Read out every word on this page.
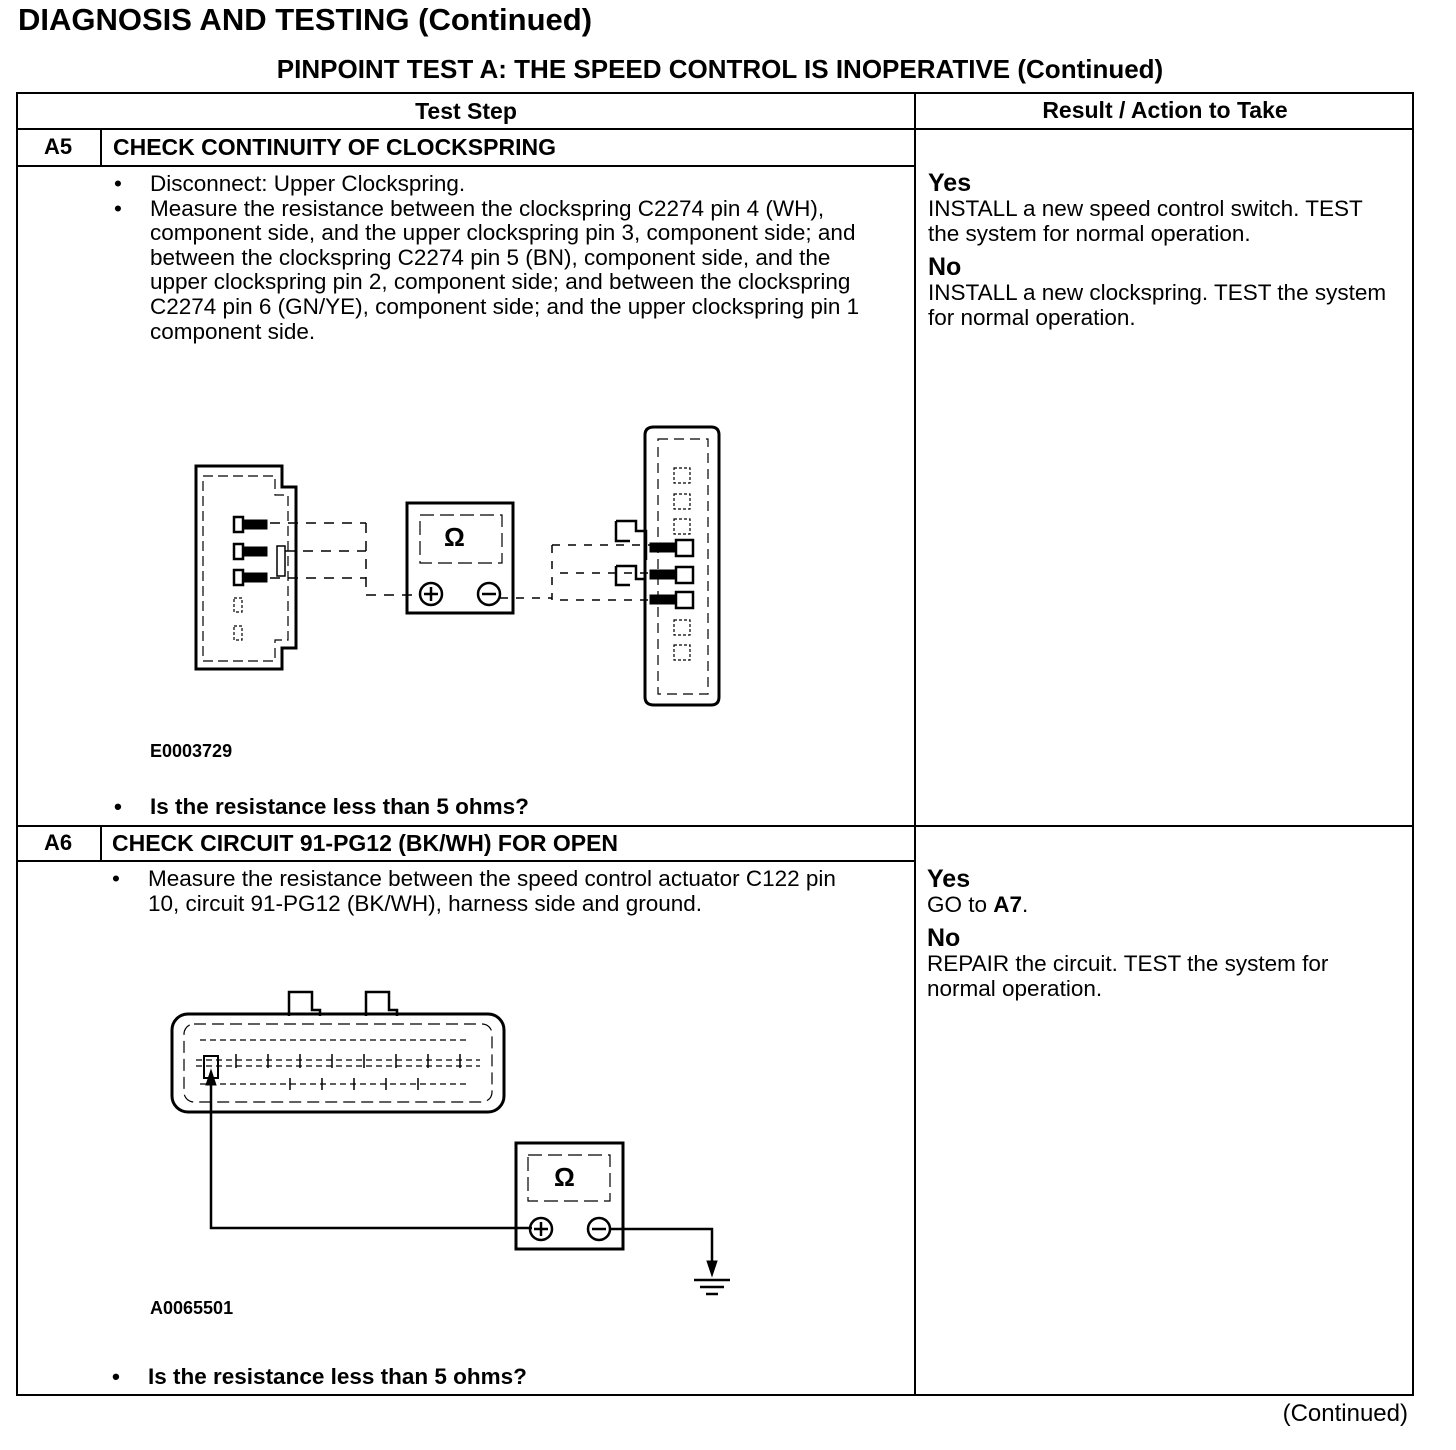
DIAGNOSIS AND TESTING (Continued)
PINPOINT TEST A: THE SPEED CONTROL IS INOPERATIVE (Continued)
Test Step	Result / Action to Take
A5	CHECK CONTINUITY OF CLOCKSPRING
• Disconnect: Upper Clockspring.
• Measure the resistance between the clockspring C2274 pin 4 (WH), component side, and the upper clockspring pin 3, component side; and between the clockspring C2274 pin 5 (BN), component side, and the upper clockspring pin 2, component side; and between the clockspring C2274 pin 6 (GN/YE), component side; and the upper clockspring pin 1 component side.
Ω
E0003729
• Is the resistance less than 5 ohms?
Yes
INSTALL a new speed control switch. TEST the system for normal operation.
No
INSTALL a new clockspring. TEST the system for normal operation.
A6	CHECK CIRCUIT 91-PG12 (BK/WH) FOR OPEN
• Measure the resistance between the speed control actuator C122 pin 10, circuit 91-PG12 (BK/WH), harness side and ground.
Ω
A0065501
• Is the resistance less than 5 ohms?
Yes
GO to A7.
No
REPAIR the circuit. TEST the system for normal operation.
(Continued)
